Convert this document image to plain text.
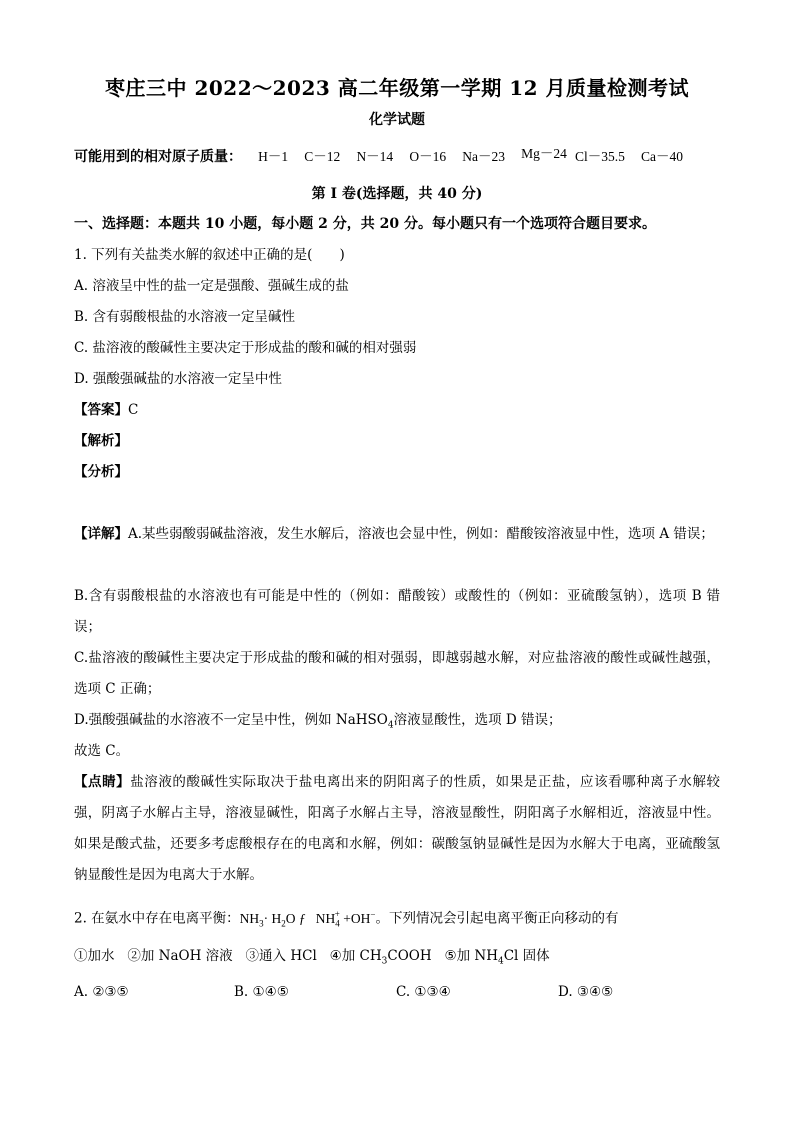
枣庄三中 2022～2023 高二年级第一学期 12 月质量检测考试
化学试题
可能用到的相对原子质量： H－1 C－12 N－14 O－16 Na－23 Mg－24 Cl－35.5 Ca－40
第 I 卷(选择题，共 40 分)
一、选择题：本题共 10 小题，每小题 2 分，共 20 分。每小题只有一个选项符合题目要求。
1. 下列有关盐类水解的叙述中正确的是(　　)
A. 溶液呈中性的盐一定是强酸、强碱生成的盐
B. 含有弱酸根盐的水溶液一定呈碱性
C. 盐溶液的酸碱性主要决定于形成盐的酸和碱的相对强弱
D. 强酸强碱盐的水溶液一定呈中性
【答案】C
【解析】
【分析】
【详解】A.某些弱酸弱碱盐溶液，发生水解后，溶液也会显中性，例如：醋酸铵溶液显中性，选项 A 错误；
B.含有弱酸根盐的水溶液也有可能是中性的（例如：醋酸铵）或酸性的（例如：亚硫酸氢钠），选项 B 错误；
C.盐溶液的酸碱性主要决定于形成盐的酸和碱的相对强弱，即越弱越水解，对应盐溶液的酸性或碱性越强，选项 C 正确；
D.强酸强碱盐的水溶液不一定呈中性，例如 NaHSO$_4$溶液显酸性，选项 D 错误；
故选 C。
【点睛】盐溶液的酸碱性实际取决于盐电离出来的阴阳离子的性质，如果是正盐，应该看哪种离子水解较强，阴离子水解占主导，溶液显碱性，阳离子水解占主导，溶液显酸性，阴阳离子水解相近，溶液显中性。如果是酸式盐，还要多考虑酸根存在的电离和水解，例如：碳酸氢钠显碱性是因为水解大于电离，亚硫酸氢钠显酸性是因为电离大于水解。
2. 在氨水中存在电离平衡：$NH_3\cdot H_2O$ ƒ $NH_4^+ +OH^-$。下列情况会引起电离平衡正向移动的有
①加水 ②加 NaOH 溶液 ③通入 HCl ④加 $CH_3COOH$ ⑤加 $NH_4Cl$ 固体
A. ②③⑤	B. ①④⑤	C. ①③④	D. ③④⑤
